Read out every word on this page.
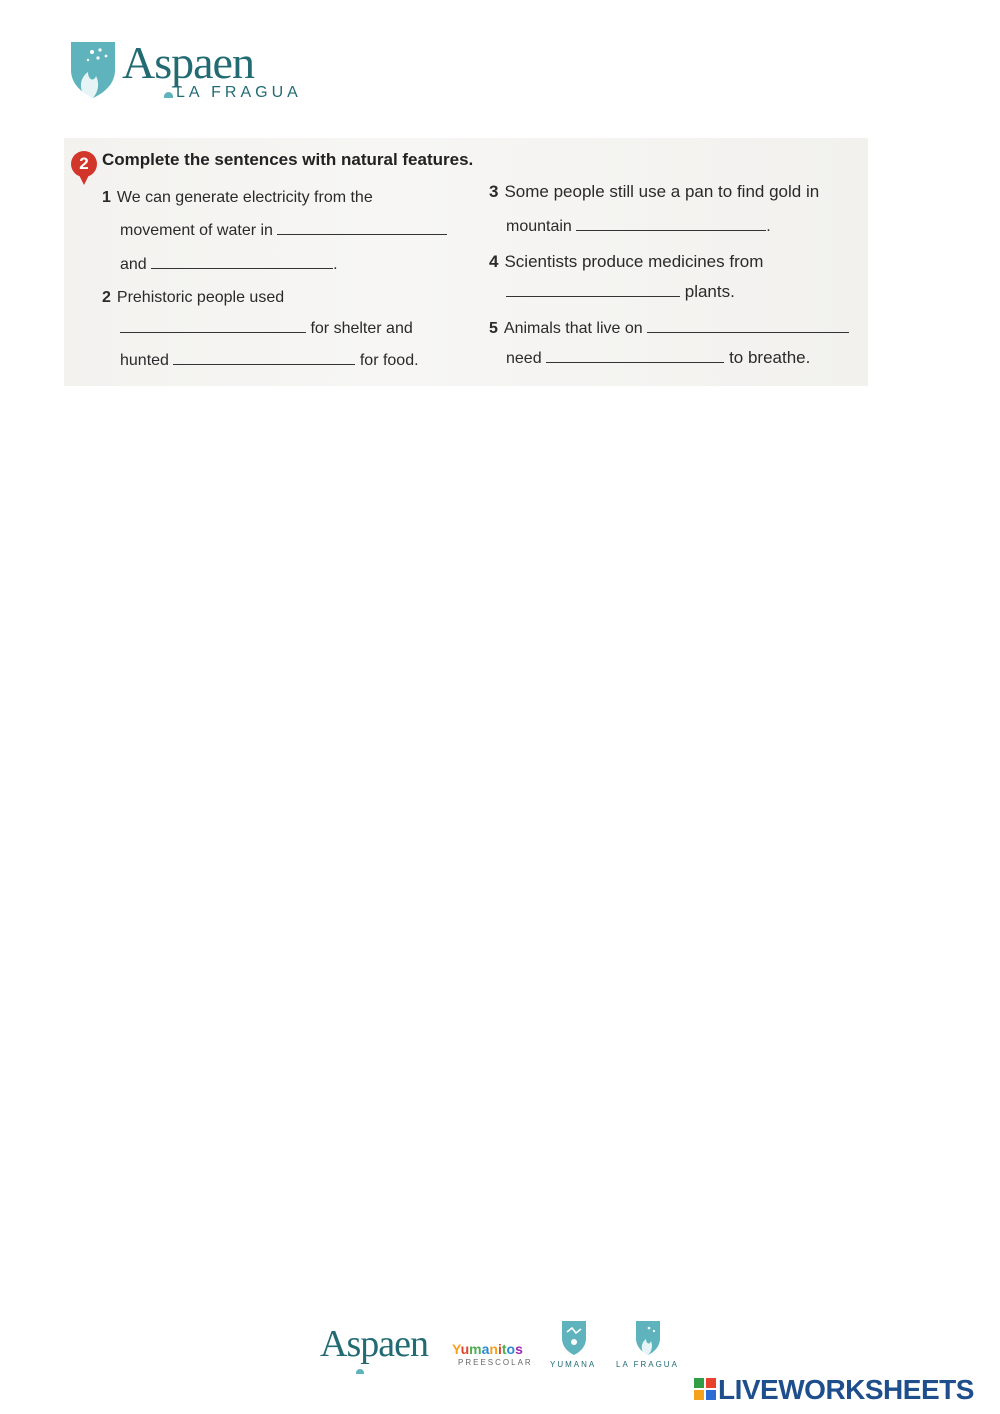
Aspaen
LA FRAGUA
2 Complete the sentences with natural features.
1 We can generate electricity from the
movement of water in
and	.
2 Prehistoric people used
for shelter and
hunted	for food.
3 Some people still use a pan to find gold in
mountain	.
4 Scientists produce medicines from
plants.
5 Animals that live on
need	to breathe.
Aspaen Yumanitos
PREESCOLAR YUMANA LA FRAGUA
LIVEWORKSHEETS
